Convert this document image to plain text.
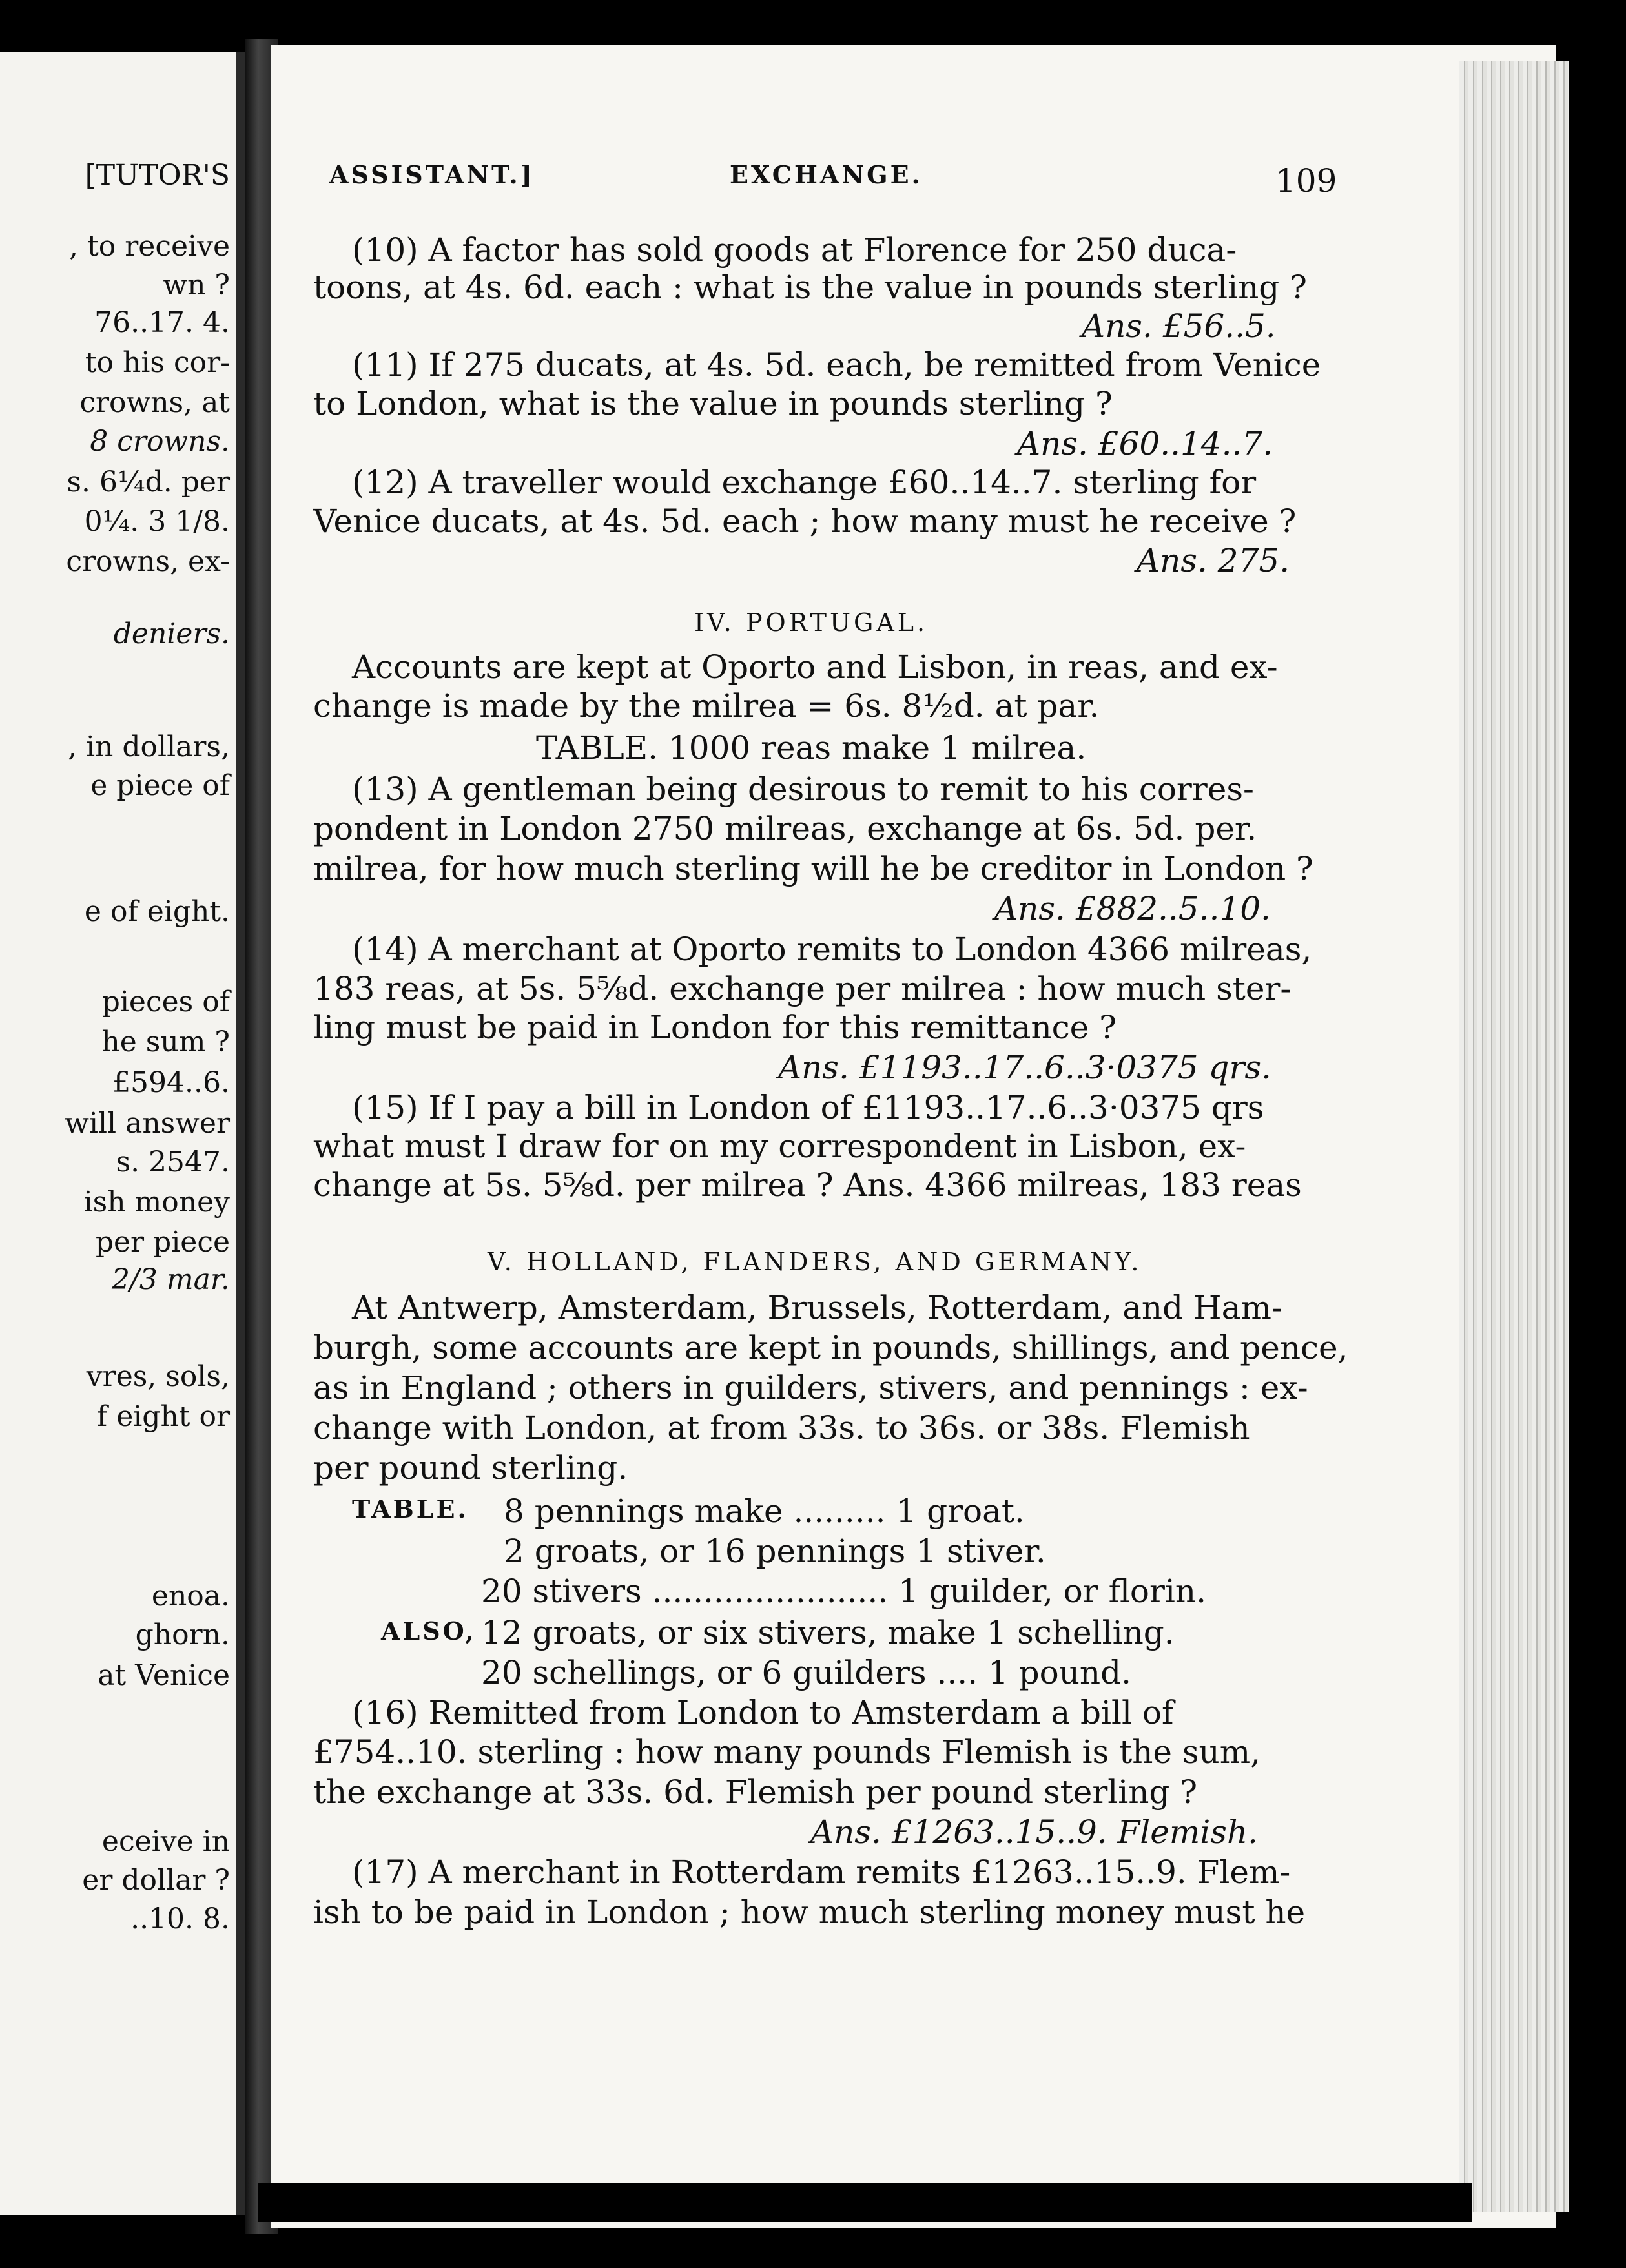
[TUTOR'S
, to receive
wn ?
76..17. 4.
to his cor-
crowns, at
8 crowns.
s. 6¼d. per
0¼. 3 1/8.
crowns, ex-
deniers.
, in dollars,
e piece of
e of eight.
pieces of
he sum ?
£594..6.
will answer
s. 2547.
ish money
per piece
2/3 mar.
vres, sols,
f eight or
enoa.
ghorn.
at Venice
eceive in
er dollar ?
..10. 8.
ASSISTANT.]	EXCHANGE.	109
(10) A factor has sold goods at Florence for 250 duca-
toons, at 4s. 6d. each : what is the value in pounds sterling ?
Ans. £56..5.
(11) If 275 ducats, at 4s. 5d. each, be remitted from Venice
to London, what is the value in pounds sterling ?
Ans. £60..14..7.
(12) A traveller would exchange £60..14..7. sterling for
Venice ducats, at 4s. 5d. each ; how many must he receive ?
Ans. 275.
IV. PORTUGAL.
Accounts are kept at Oporto and Lisbon, in reas, and ex-
change is made by the milrea = 6s. 8½d. at par.
TABLE. 1000 reas make 1 milrea.
(13) A gentleman being desirous to remit to his corres-
pondent in London 2750 milreas, exchange at 6s. 5d. per.
milrea, for how much sterling will he be creditor in London ?
Ans. £882..5..10.
(14) A merchant at Oporto remits to London 4366 milreas,
183 reas, at 5s. 5⅝d. exchange per milrea : how much ster-
ling must be paid in London for this remittance ?
Ans. £1193..17..6..3·0375 qrs.
(15) If I pay a bill in London of £1193..17..6..3·0375 qrs
what must I draw for on my correspondent in Lisbon, ex-
change at 5s. 5⅝d. per milrea ? Ans. 4366 milreas, 183 reas
V. HOLLAND, FLANDERS, AND GERMANY.
At Antwerp, Amsterdam, Brussels, Rotterdam, and Ham-
burgh, some accounts are kept in pounds, shillings, and pence,
as in England ; others in guilders, stivers, and pennings : ex-
change with London, at from 33s. to 36s. or 38s. Flemish
per pound sterling.
TABLE. 8 pennings make ......... 1 groat.
2 groats, or 16 pennings 1 stiver.
20 stivers ....................... 1 guilder, or florin.
ALSO, 12 groats, or six stivers, make 1 schelling.
20 schellings, or 6 guilders .... 1 pound.
(16) Remitted from London to Amsterdam a bill of
£754..10. sterling : how many pounds Flemish is the sum,
the exchange at 33s. 6d. Flemish per pound sterling ?
Ans. £1263..15..9. Flemish.
(17) A merchant in Rotterdam remits £1263..15..9. Flem-
ish to be paid in London ; how much sterling money must he
